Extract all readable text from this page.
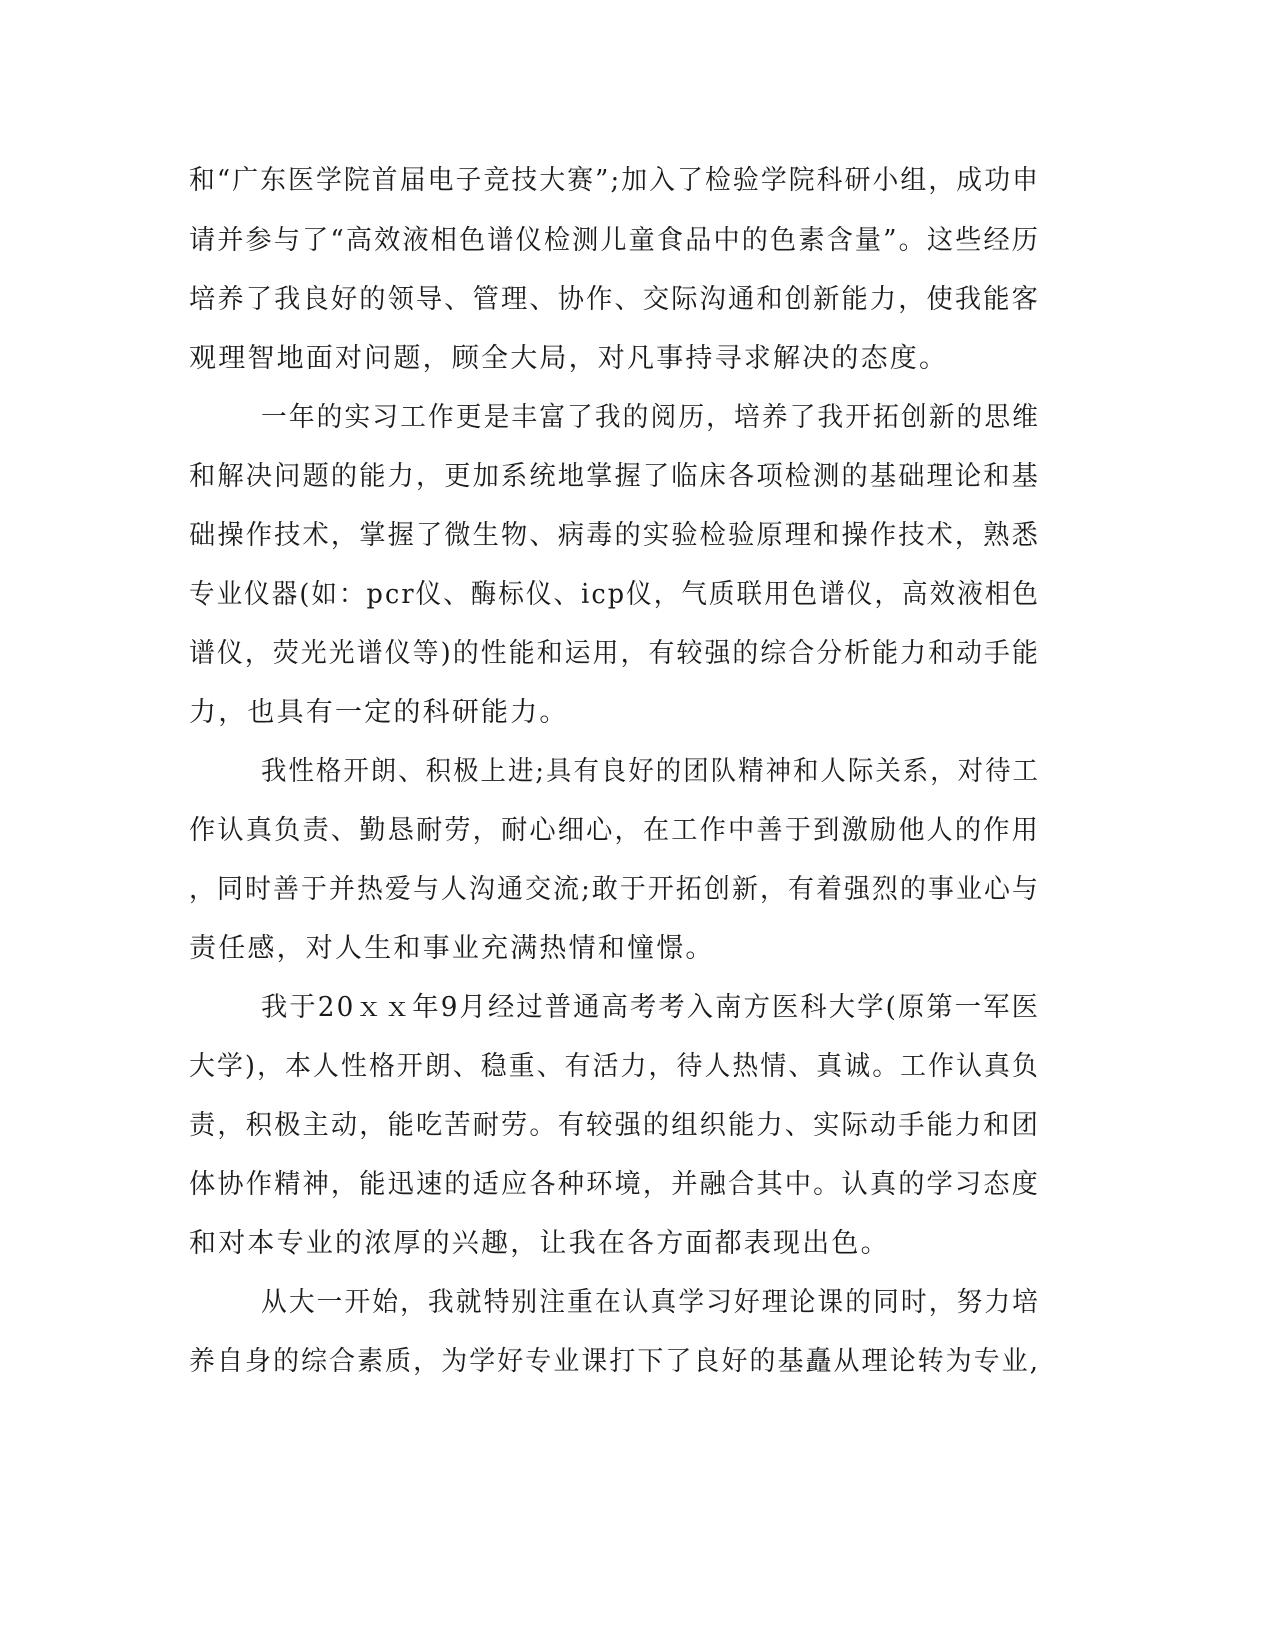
和“广东医学院首届电子竞技大赛”;加入了检验学院科研小组，成功申
请并参与了“高效液相色谱仪检测儿童食品中的色素含量”。这些经历
培养了我良好的领导、管理、协作、交际沟通和创新能力，使我能客
观理智地面对问题，顾全大局，对凡事持寻求解决的态度。
一年的实习工作更是丰富了我的阅历，培养了我开拓创新的思维
和解决问题的能力，更加系统地掌握了临床各项检测的基础理论和基
础操作技术，掌握了微生物、病毒的实验检验原理和操作技术，熟悉
专业仪器(如：pcr仪、酶标仪、icp仪，气质联用色谱仪，高效液相色
谱仪，荧光光谱仪等)的性能和运用，有较强的综合分析能力和动手能
力，也具有一定的科研能力。
我性格开朗、积极上进;具有良好的团队精神和人际关系，对待工
作认真负责、勤恳耐劳，耐心细心，在工作中善于到激励他人的作用
，同时善于并热爱与人沟通交流;敢于开拓创新，有着强烈的事业心与
责任感，对人生和事业充满热情和憧憬。
我于20ｘｘ年9月经过普通高考考入南方医科大学(原第一军医
大学)，本人性格开朗、稳重、有活力，待人热情、真诚。工作认真负
责，积极主动，能吃苦耐劳。有较强的组织能力、实际动手能力和团
体协作精神，能迅速的适应各种环境，并融合其中。认真的学习态度
和对本专业的浓厚的兴趣，让我在各方面都表现出色。
从大一开始，我就特别注重在认真学习好理论课的同时，努力培
养自身的综合素质，为学好专业课打下了良好的基矗从理论转为专业,
